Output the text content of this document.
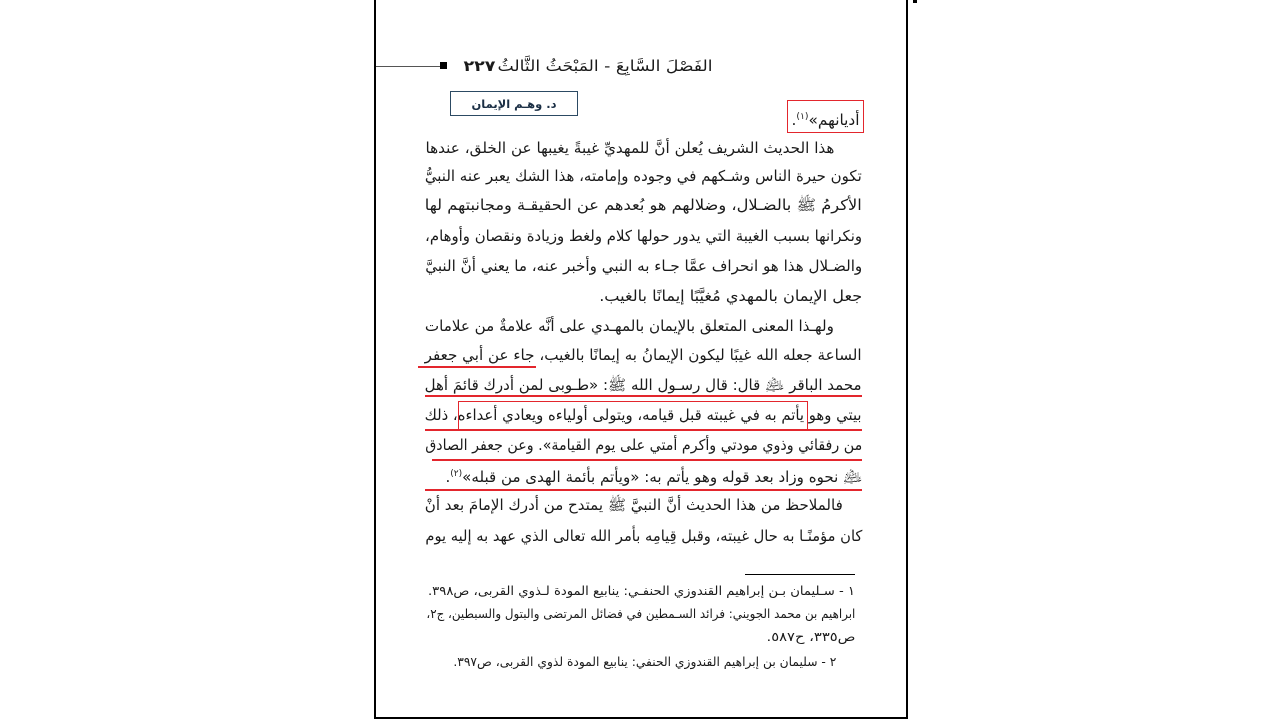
الفَصْلَ السَّابِعَ - المَبْحَثُ الثَّالثُ
٢٢٧
د. وهـم الإيمان
أديانهم»$^{(١)}$.
هذا الحديث الشريف يُعلن أنَّ للمهديِّ غيبةً يغيبها عن الخلق، عندها
تكون حيرة الناس وشـكهم في وجوده وإمامته، هذا الشك يعبر عنه النبيُّ
الأكرمُ ﷺ بالضـلال، وضلالهم هو بُعدهم عن الحقيقـة ومجانبتهم لها
ونكرانها بسبب الغيبة التي يدور حولها كلام ولغط وزيادة ونقصان وأوهام،
والضـلال هذا هو انحراف عمَّا جـاء به النبي وأخبر عنه، ما يعني أنَّ النبيَّ
جعل الإيمان بالمهدي مُغيَّبًا إيمانًا بالغيب.
ولهـذا المعنى المتعلق بالإيمان بالمهـدي على أنَّه علامةٌ من علامات
الساعة جعله الله غيبًا ليكون الإيمانُ به إيمانًا بالغيب، جاء عن أبي جعفر
محمد الباقر ﵇ قال: قال رسـول الله ﷺ: «طـوبى لمن أدرك قائمَ أهل
بيتي وهو يأتم به في غيبته قبل قيامه، ويتولى أولياءه ويعادي أعداءه، ذلك
من رفقائي وذوي مودتي وأكرم أمتي على يوم القيامة». وعن جعفر الصادق
﵇ نحوه وزاد بعد قوله وهو يأتم به: «ويأتم بأئمة الهدى من قبله»$^{(٢)}$.
فالملاحظ من هذا الحديث أنَّ النبيَّ ﷺ يمتدح من أدرك الإمامَ بعد أنْ
كان مؤمنًـا به حال غيبته، وقبل قِيامِه بأمر الله تعالى الذي عهد به إليه يوم
١ - سـليمان بـن إبراهيم القندوزي الحنفـي: ينابيع المودة لـذوي القربى، ص٣٩٨.
ابراهيم بن محمد الجويني: فرائد السـمطين في فضائل المرتضى والبتول والسبطين، ج٢،
ص٣٣٥، ح٥٨٧.
٢ - سليمان بن إبراهيم القندوزي الحنفي: ينابيع المودة لذوي القربى، ص٣٩٧.
